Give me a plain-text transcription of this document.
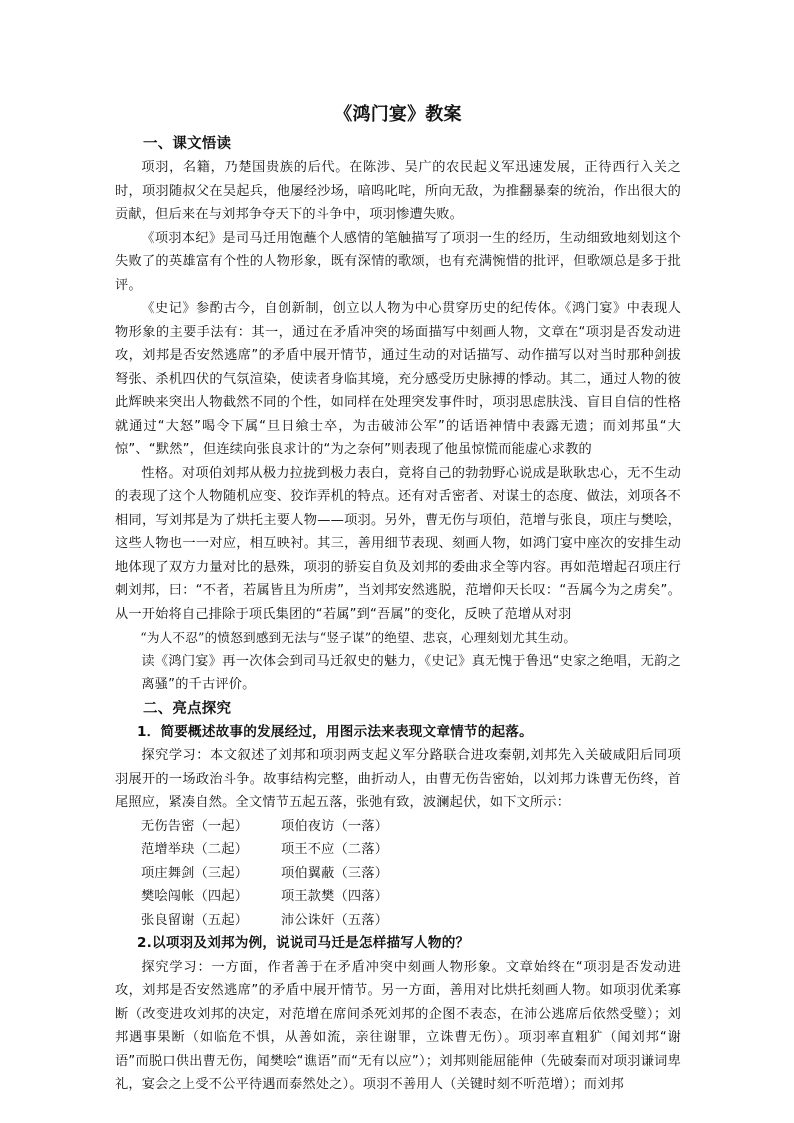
《鸿门宴》教案
一、课文悟读

项羽，名籍，乃楚国贵族的后代。在陈涉、吴广的农民起义军迅速发展，正待西行入关之时，项羽随叔父在吴起兵，他屡经沙场，喑呜叱咤，所向无敌，为推翻暴秦的统治，作出很大的贡献，但后来在与刘邦争夺天下的斗争中，项羽惨遭失败。

《项羽本纪》是司马迁用饱蘸个人感情的笔触描写了项羽一生的经历，生动细致地刻划这个失败了的英雄富有个性的人物形象，既有深情的歌颂，也有充满惋惜的批评，但歌颂总是多于批评。

《史记》参酌古今，自创新制，创立以人物为中心贯穿历史的纪传体。《鸿门宴》中表现人物形象的主要手法有：其一，通过在矛盾冲突的场面描写中刻画人物，文章在“项羽是否发动进攻，刘邦是否安然逃席”的矛盾中展开情节，通过生动的对话描写、动作描写以对当时那种剑拔弩张、杀机四伏的气氛渲染，使读者身临其境，充分感受历史脉搏的悸动。其二，通过人物的彼此辉映来突出人物截然不同的个性，如同样在处理突发事件时，项羽思虑肤浅、盲目自信的性格就通过“大怒”喝令下属“旦日飨士卒，为击破沛公军”的话语神情中表露无遗；而刘邦虽“大惊”、“默然”，但连续向张良求计的“为之奈何”则表现了他虽惊慌而能虚心求教的

性格。对项伯刘邦从极力拉拢到极力表白，竟将自己的勃勃野心说成是耿耿忠心，无不生动的表现了这个人物随机应变、狡诈弄机的特点。还有对舌密者、对谋士的态度、做法，刘项各不相同，写刘邦是为了烘托主要人物——项羽。另外，曹无伤与项伯，范增与张良，项庄与樊哙，这些人物也一一对应，相互映衬。其三，善用细节表现、刻画人物，如鸿门宴中座次的安排生动地体现了双方力量对比的悬殊，项羽的骄妄自负及刘邦的委曲求全等内容。再如范增起召项庄行刺刘邦，曰：“不者，若属皆且为所虏”，当刘邦安然逃脱，范增仰天长叹：“吾属今为之虏矣”。从一开始将自己排除于项氏集团的“若属”到“吾属”的变化，反映了范增从对羽

“为人不忍”的愤怒到感到无法与“竖子谋”的绝望、悲哀，心理刻划尤其生动。

读《鸿门宴》再一次体会到司马迁叙史的魅力，《史记》真无愧于鲁迅“史家之绝唱，无韵之离骚”的千古评价。

二、亮点探究

1．简要概述故事的发展经过，用图示法来表现文章情节的起落。

探究学习：本文叙述了刘邦和项羽两支起义军分路联合进攻秦朝,刘邦先入关破咸阳后同项羽展开的一场政治斗争。故事结构完整，曲折动人，由曹无伤告密始，以刘邦力诛曹无伤终，首尾照应，紧凑自然。全文情节五起五落，张弛有致，波澜起伏，如下文所示：

无伤告密（一起）	项伯夜访（一落）
范增举玦（二起）	项王不应（二落）
项庄舞剑（三起）	项伯翼蔽（三落）
樊哙闯帐（四起）	项王款樊（四落）
张良留谢（五起）	沛公诛奸（五落）

2.以项羽及刘邦为例，说说司马迁是怎样描写人物的？

探究学习：一方面，作者善于在矛盾冲突中刻画人物形象。文章始终在“项羽是否发动进攻，刘邦是否安然逃席”的矛盾中展开情节。另一方面，善用对比烘托刻画人物。如项羽优柔寡断（改变进攻刘邦的决定，对范增在席间杀死刘邦的企图不表态，在沛公逃席后依然受璧）；刘邦遇事果断（如临危不惧，从善如流，亲往谢罪，立诛曹无伤）。项羽率直粗犷（闻刘邦“谢语”而脱口供出曹无伤，闻樊哙“谯语”而“无有以应”）；刘邦则能屈能伸（先破秦而对项羽谦词卑礼，宴会之上受不公平待遇而泰然处之）。项羽不善用人（关键时刻不听范增）；而刘邦
